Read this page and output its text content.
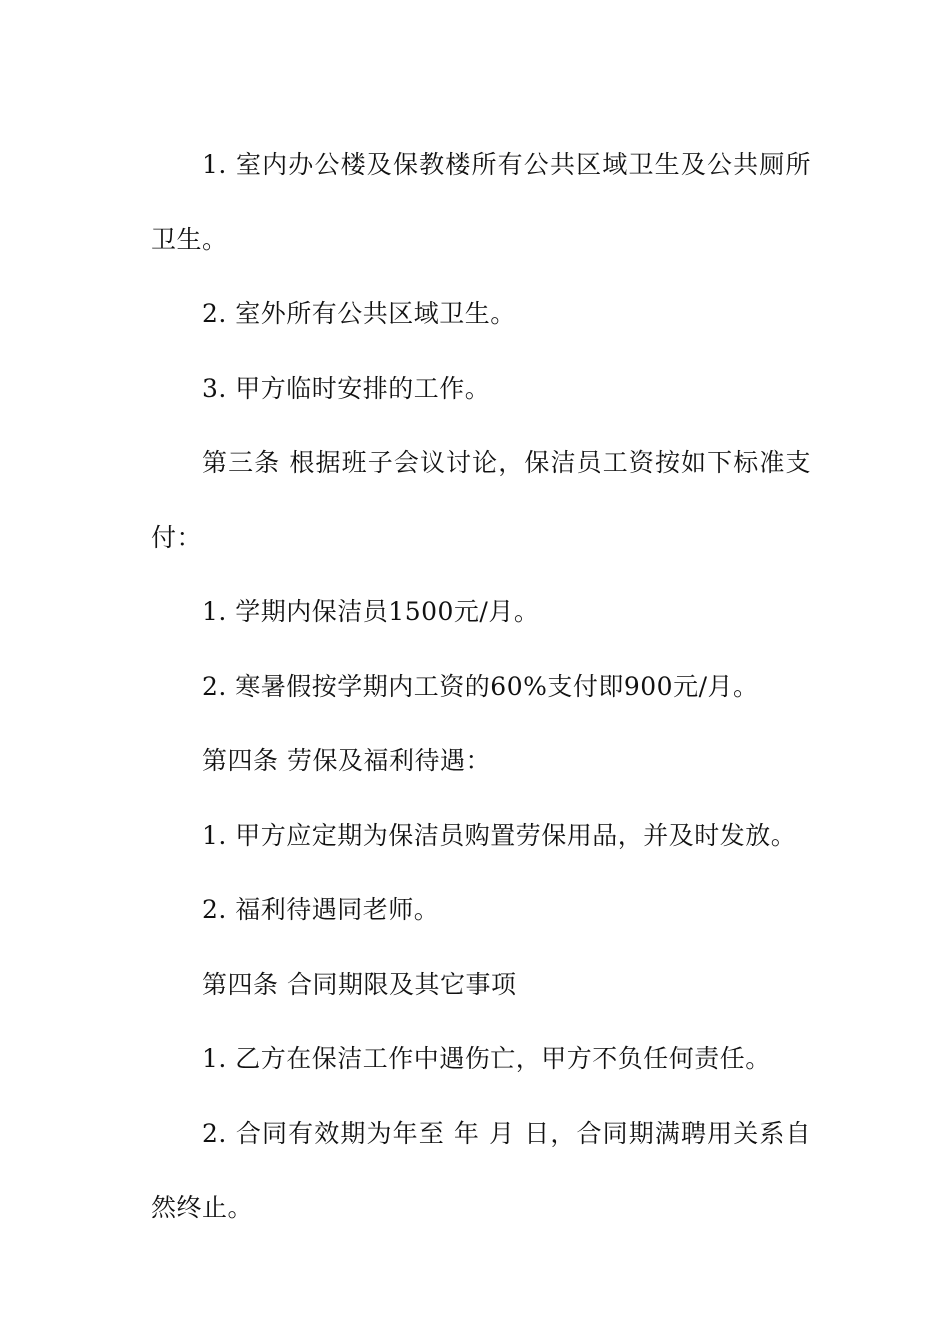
1. 室内办公楼及保教楼所有公共区域卫生及公共厕所卫生。

2. 室外所有公共区域卫生。

3. 甲方临时安排的工作。

第三条 根据班子会议讨论，保洁员工资按如下标准支付：

1. 学期内保洁员1500元/月。

2. 寒暑假按学期内工资的60%支付即900元/月。

第四条 劳保及福利待遇：

1. 甲方应定期为保洁员购置劳保用品，并及时发放。

2. 福利待遇同老师。

第四条 合同期限及其它事项

1. 乙方在保洁工作中遇伤亡，甲方不负任何责任。

2. 合同有效期为年至 年 月 日，合同期满聘用关系自然终止。
